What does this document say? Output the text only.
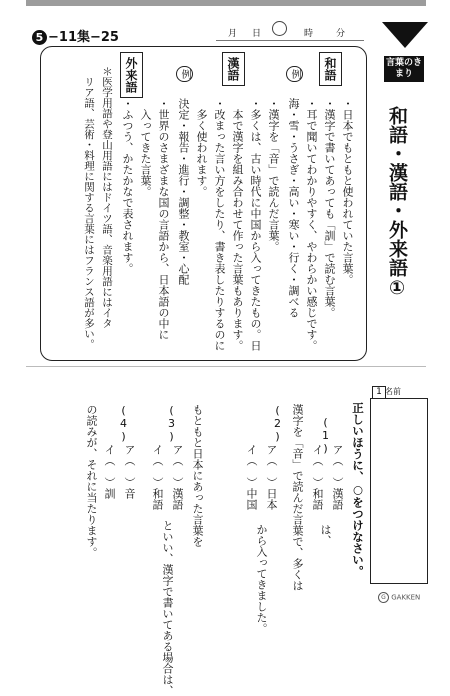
5 −11集−25	月 日	時	分
言葉のきまり
和語・漢語・外来語①
和語
・日本でもともと使われていた言葉。
・漢字で書いてあっても「訓」で読む言葉。
・耳で聞いてわかりやすく、やわらかい感じです。
例
海・雪・うさぎ・高い・寒い・行く・調べる
漢語
・漢字を「音」で読んだ言葉。
・多くは、古い時代に中国から入ってきたもの。日
　本で漢字を組み合わせて作った言葉もあります。
・改まった言い方をしたり、書き表したりするのに
　多く使われます。
例
決定・報告・進行・調整・教室・心配
外来語
・世界のさまざまな国の言語から、日本語の中に
　入ってきた言葉。
・ふつう、かたかなで表されます。
＊医学用語や登山用語にはドイツ語、音楽用語にはイタ
　リア語、芸術・料理に関する言葉にはフランス語が多い。
名前
1
正しいほうに、○をつけなさい。
(1)
ア（　）漢語
イ（　）和語
は、
漢字を「音」で読んだ言葉で、多くは
ア（　）日本
イ（　）中国
から入ってきました。
(2)
もともと日本にあった言葉を
(3)
ア（　）漢語
イ（　）和語
といい、漢字で書いてある場合は、
(4)
ア（　）音
イ（　）訓
の読みが、それに当たります。
G GAKKEN
